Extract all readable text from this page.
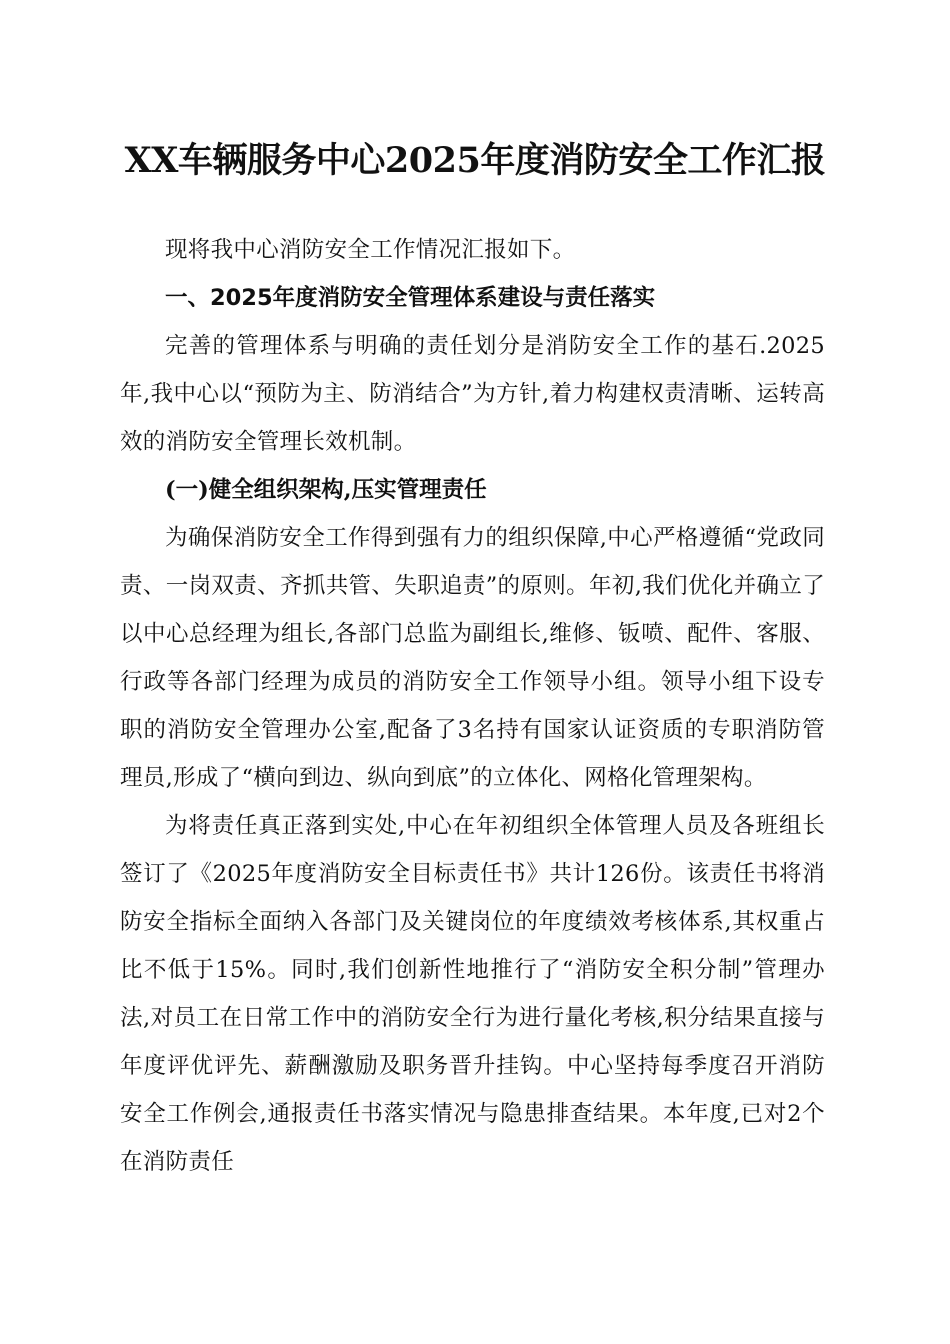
XX车辆服务中心2025年度消防安全工作汇报

现将我中心消防安全工作情况汇报如下。

一、2025年度消防安全管理体系建设与责任落实

完善的管理体系与明确的责任划分是消防安全工作的基石.2025年,我中心以“预防为主、防消结合”为方针,着力构建权责清晰、运转高效的消防安全管理长效机制。

(一)健全组织架构,压实管理责任

为确保消防安全工作得到强有力的组织保障,中心严格遵循“党政同责、一岗双责、齐抓共管、失职追责”的原则。年初,我们优化并确立了以中心总经理为组长,各部门总监为副组长,维修、钣喷、配件、客服、行政等各部门经理为成员的消防安全工作领导小组。领导小组下设专职的消防安全管理办公室,配备了3名持有国家认证资质的专职消防管理员,形成了“横向到边、纵向到底”的立体化、网格化管理架构。

为将责任真正落到实处,中心在年初组织全体管理人员及各班组长签订了《2025年度消防安全目标责任书》共计126份。该责任书将消防安全指标全面纳入各部门及关键岗位的年度绩效考核体系,其权重占比不低于15%。同时,我们创新性地推行了“消防安全积分制”管理办法,对员工在日常工作中的消防安全行为进行量化考核,积分结果直接与年度评优评先、薪酬激励及职务晋升挂钩。中心坚持每季度召开消防安全工作例会,通报责任书落实情况与隐患排查结果。本年度,已对2个在消防责任
